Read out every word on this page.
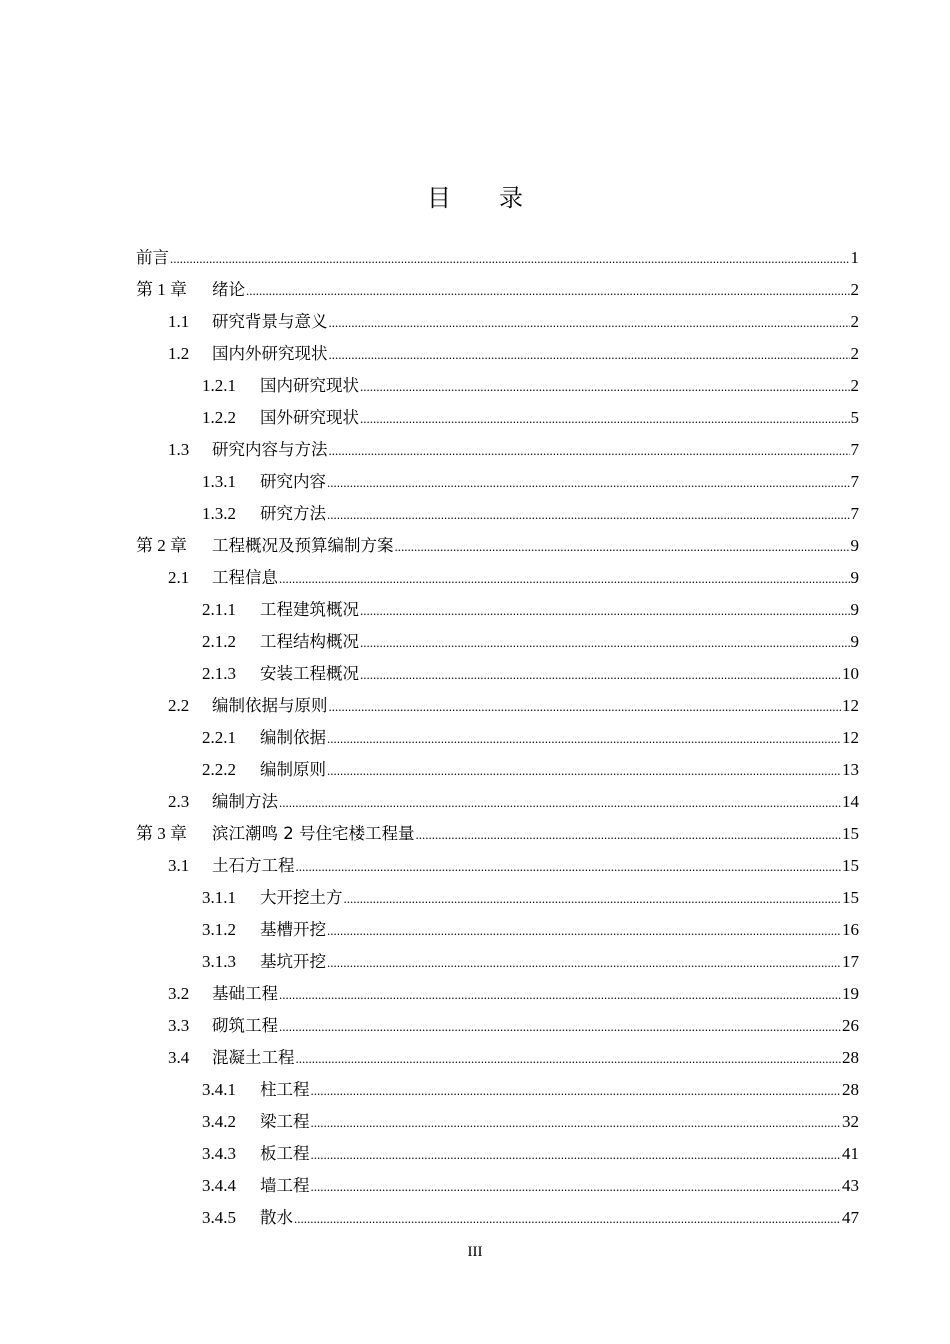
目 录
前言 .....	1
第 1 章	绪论 .....	2
1.1	研究背景与意义 .....	2
1.2	国内外研究现状 .....	2
1.2.1	国内研究现状 .....	2
1.2.2	国外研究现状 .....	5
1.3	研究内容与方法 .....	7
1.3.1	研究内容 .....	7
1.3.2	研究方法 .....	7
第 2 章	工程概况及预算编制方案 .....	9
2.1	工程信息 .....	9
2.1.1	工程建筑概况 .....	9
2.1.2	工程结构概况 .....	9
2.1.3	安装工程概况 .....	10
2.2	编制依据与原则 .....	12
2.2.1	编制依据 .....	12
2.2.2	编制原则 .....	13
2.3	编制方法 .....	14
第 3 章	滨江潮鸣 2 号住宅楼工程量 .....	15
3.1	土石方工程 .....	15
3.1.1	大开挖土方 .....	15
3.1.2	基槽开挖 .....	16
3.1.3	基坑开挖 .....	17
3.2	基础工程 .....	19
3.3	砌筑工程 .....	26
3.4	混凝土工程 .....	28
3.4.1	柱工程 .....	28
3.4.2	梁工程 .....	32
3.4.3	板工程 .....	41
3.4.4	墙工程 .....	43
3.4.5	散水 .....	47
III
